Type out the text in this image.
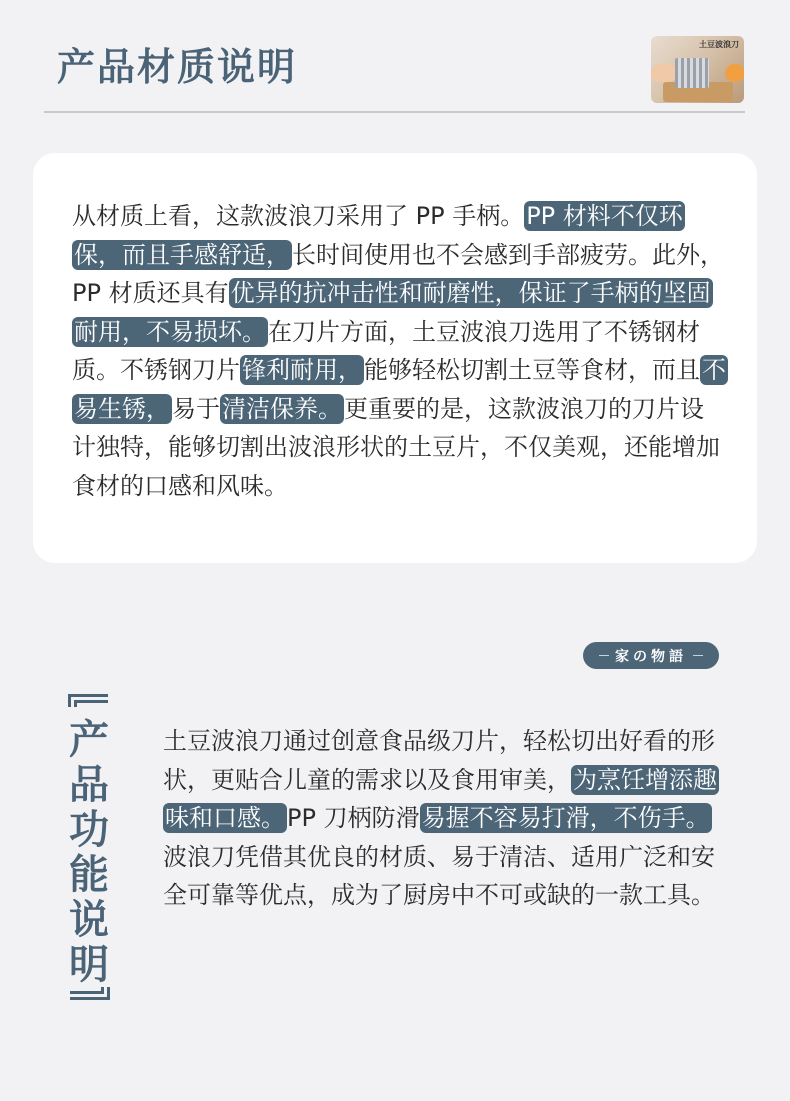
产品材质说明
土豆波浪刀

从材质上看，这款波浪刀采用了 PP 手柄。PP 材料不仅环保，而且手感舒适，长时间使用也不会感到手部疲劳。此外，PP 材质还具有优异的抗冲击性和耐磨性，保证了手柄的坚固耐用，不易损坏。在刀片方面，土豆波浪刀选用了不锈钢材质。不锈钢刀片锋利耐用，能够轻松切割土豆等食材，而且不易生锈，易于清洁保养。更重要的是，这款波浪刀的刀片设计独特，能够切割出波浪形状的土豆片，不仅美观，还能增加食材的口感和风味。

产
品
功
能
说
明
家の物語

土豆波浪刀通过创意食品级刀片，轻松切出好看的形状，更贴合儿童的需求以及食用审美，为烹饪增添趣味和口感。PP 刀柄防滑易握不容易打滑，不伤手。波浪刀凭借其优良的材质、易于清洁、适用广泛和安全可靠等优点，成为了厨房中不可或缺的一款工具。
